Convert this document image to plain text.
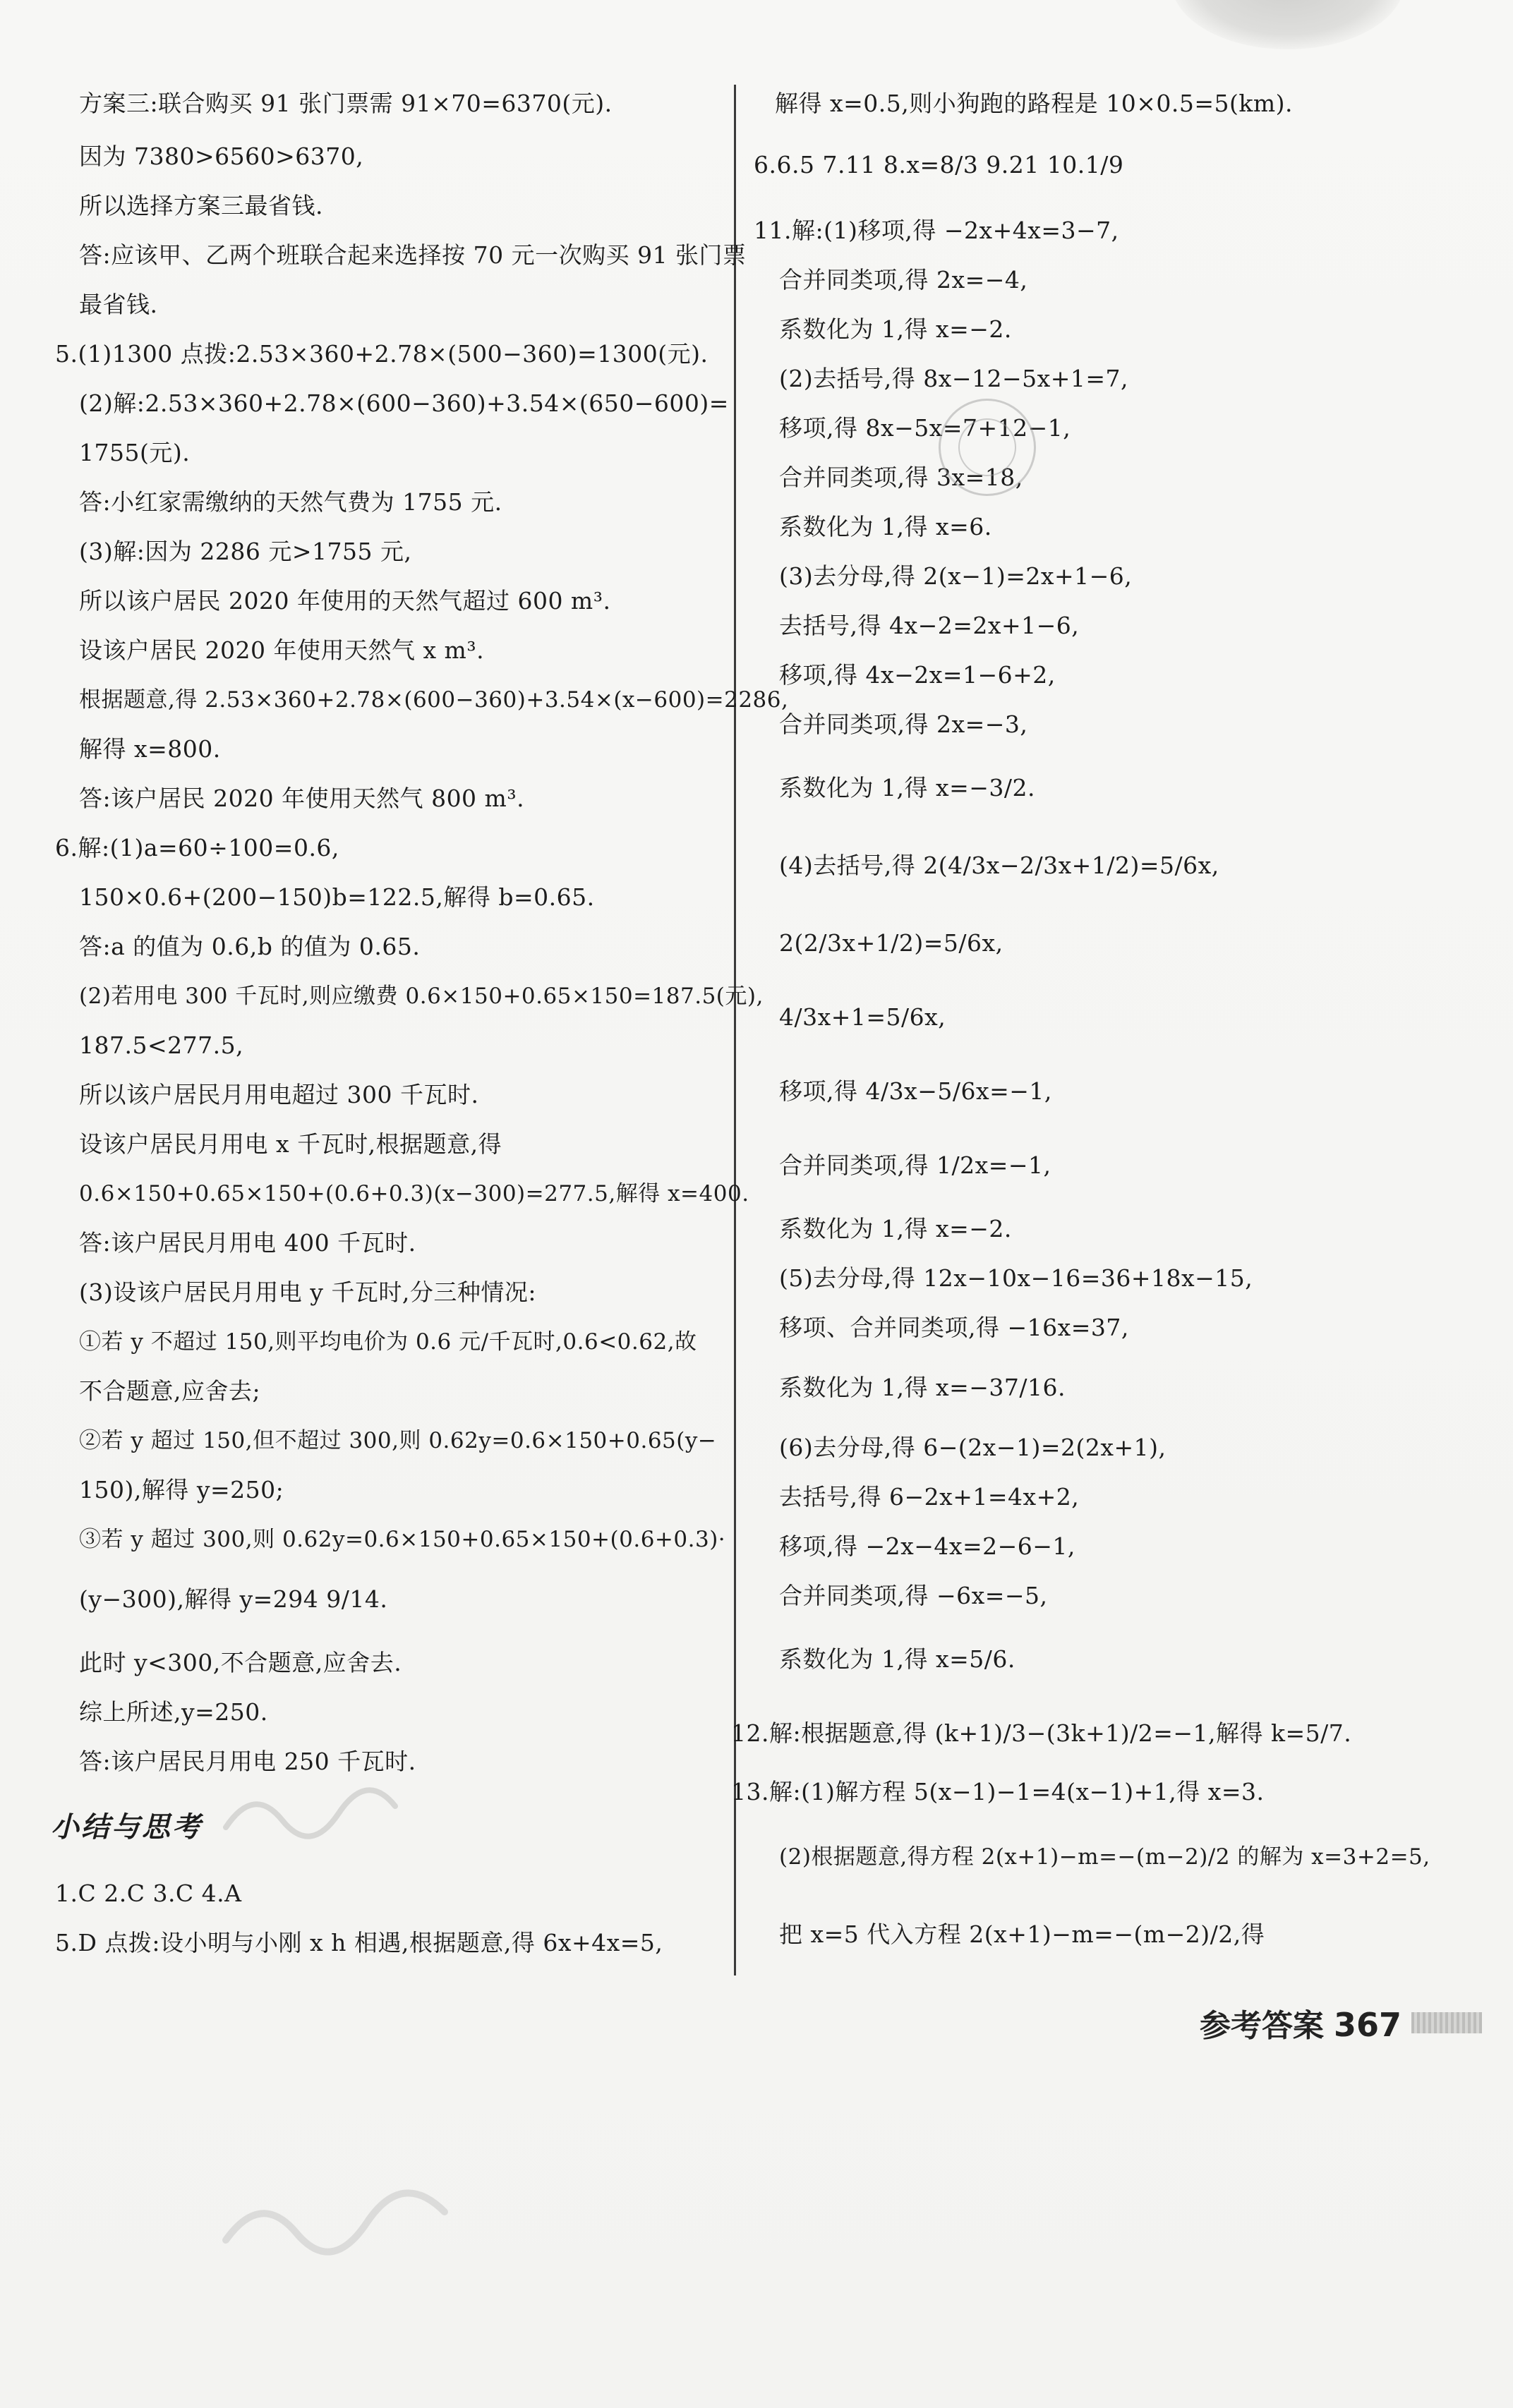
方案三:联合购买 91 张门票需 91×70=6370(元).
因为 7380>6560>6370,
所以选择方案三最省钱.
答:应该甲、乙两个班联合起来选择按 70 元一次购买 91 张门票
最省钱.
5.(1)1300 点拨:2.53×360+2.78×(500−360)=1300(元).
(2)解:2.53×360+2.78×(600−360)+3.54×(650−600)=
1755(元).
答:小红家需缴纳的天然气费为 1755 元.
(3)解:因为 2286 元>1755 元,
所以该户居民 2020 年使用的天然气超过 600 m³.
设该户居民 2020 年使用天然气 x m³.
根据题意,得 2.53×360+2.78×(600−360)+3.54×(x−600)=2286,
解得 x=800.
答:该户居民 2020 年使用天然气 800 m³.
6.解:(1)a=60÷100=0.6,
150×0.6+(200−150)b=122.5,解得 b=0.65.
答:a 的值为 0.6,b 的值为 0.65.
(2)若用电 300 千瓦时,则应缴费 0.6×150+0.65×150=187.5(元),
187.5<277.5,
所以该户居民月用电超过 300 千瓦时.
设该户居民月用电 x 千瓦时,根据题意,得
0.6×150+0.65×150+(0.6+0.3)(x−300)=277.5,解得 x=400.
答:该户居民月用电 400 千瓦时.
(3)设该户居民月用电 y 千瓦时,分三种情况:
①若 y 不超过 150,则平均电价为 0.6 元/千瓦时,0.6<0.62,故
不合题意,应舍去;
②若 y 超过 150,但不超过 300,则 0.62y=0.6×150+0.65(y−
150),解得 y=250;
③若 y 超过 300,则 0.62y=0.6×150+0.65×150+(0.6+0.3)·
(y−300),解得 y=294 9/14.
此时 y<300,不合题意,应舍去.
综上所述,y=250.
答:该户居民月用电 250 千瓦时.
小结与思考
1.C 2.C 3.C 4.A
5.D 点拨:设小明与小刚 x h 相遇,根据题意,得 6x+4x=5,
解得 x=0.5,则小狗跑的路程是 10×0.5=5(km).
6.6.5 7.11 8.x=8/3 9.21 10.1/9
11.解:(1)移项,得 −2x+4x=3−7,
合并同类项,得 2x=−4,
系数化为 1,得 x=−2.
(2)去括号,得 8x−12−5x+1=7,
移项,得 8x−5x=7+12−1,
合并同类项,得 3x=18,
系数化为 1,得 x=6.
(3)去分母,得 2(x−1)=2x+1−6,
去括号,得 4x−2=2x+1−6,
移项,得 4x−2x=1−6+2,
合并同类项,得 2x=−3,
系数化为 1,得 x=−3/2.
(4)去括号,得 2(4/3x−2/3x+1/2)=5/6x,
2(2/3x+1/2)=5/6x,
4/3x+1=5/6x,
移项,得 4/3x−5/6x=−1,
合并同类项,得 1/2x=−1,
系数化为 1,得 x=−2.
(5)去分母,得 12x−10x−16=36+18x−15,
移项、合并同类项,得 −16x=37,
系数化为 1,得 x=−37/16.
(6)去分母,得 6−(2x−1)=2(2x+1),
去括号,得 6−2x+1=4x+2,
移项,得 −2x−4x=2−6−1,
合并同类项,得 −6x=−5,
系数化为 1,得 x=5/6.
12.解:根据题意,得 (k+1)/3−(3k+1)/2=−1,解得 k=5/7.
13.解:(1)解方程 5(x−1)−1=4(x−1)+1,得 x=3.
(2)根据题意,得方程 2(x+1)−m=−(m−2)/2 的解为 x=3+2=5,
把 x=5 代入方程 2(x+1)−m=−(m−2)/2,得
参考答案 367
